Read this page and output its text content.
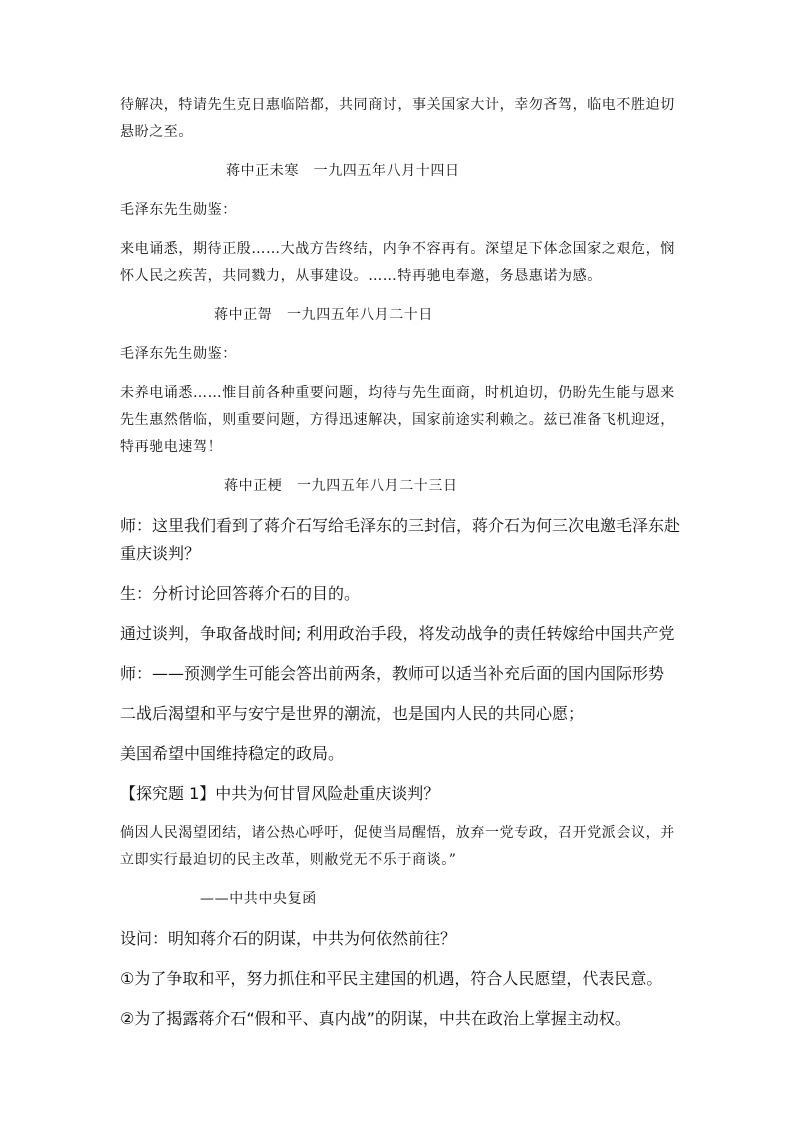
待解决，特请先生克日惠临陪都，共同商讨，事关国家大计，幸勿吝驾，临电不胜迫切悬盼之至。

蒋中正未寒　一九四五年八月十四日

毛泽东先生勋鉴：

来电诵悉，期待正殷……大战方告终结，内争不容再有。深望足下体念国家之艰危，悯怀人民之疾苦，共同戮力，从事建设。……特再驰电奉邀，务恳惠诺为感。

蒋中正哿　一九四五年八月二十日

毛泽东先生勋鉴：

未养电诵悉……惟目前各种重要问题，均待与先生面商，时机迫切，仍盼先生能与恩来先生惠然偕临，则重要问题，方得迅速解决，国家前途实利赖之。兹已准备飞机迎迓，特再驰电速驾！

蒋中正梗　一九四五年八月二十三日

师：这里我们看到了蒋介石写给毛泽东的三封信，蒋介石为何三次电邀毛泽东赴重庆谈判？

生：分析讨论回答蒋介石的目的。

通过谈判，争取备战时间; 利用政治手段，将发动战争的责任转嫁给中国共产党

师：——预测学生可能会答出前两条，教师可以适当补充后面的国内国际形势

二战后渴望和平与安宁是世界的潮流，也是国内人民的共同心愿；

美国希望中国维持稳定的政局。

【探究题 1】中共为何甘冒风险赴重庆谈判？

倘因人民渴望团结，诸公热心呼吁，促使当局醒悟，放弃一党专政，召开党派会议，并立即实行最迫切的民主改革，则敝党无不乐于商谈。”

——中共中央复函

设问：明知蒋介石的阴谋，中共为何依然前往？

①为了争取和平，努力抓住和平民主建国的机遇，符合人民愿望，代表民意。

②为了揭露蒋介石“假和平、真内战”的阴谋，中共在政治上掌握主动权。
